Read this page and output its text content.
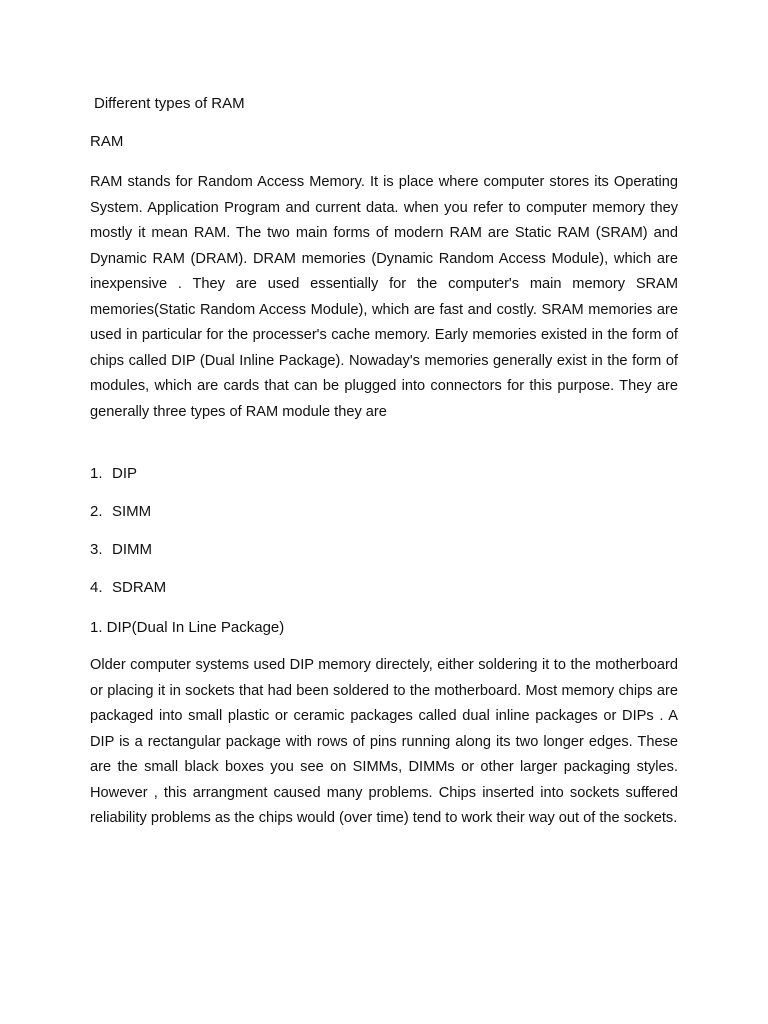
Different types of RAM
RAM

RAM stands for Random Access Memory. It is place where computer stores its Operating System. Application Program and current data. when you refer to computer memory they mostly it mean RAM. The two main forms of modern RAM are Static RAM (SRAM) and Dynamic RAM (DRAM). DRAM memories (Dynamic Random Access Module), which are inexpensive . They are used essentially for the computer's main memory SRAM memories(Static Random Access Module), which are fast and costly. SRAM memories are used in particular for the processer's cache memory. Early memories existed in the form of chips called DIP (Dual Inline Package). Nowaday's memories generally exist in the form of modules, which are cards that can be plugged into connectors for this purpose. They are generally three types of RAM module they are

1. DIP
2. SIMM
3. DIMM
4. SDRAM
1. DIP(Dual In Line Package)

Older computer systems used DIP memory directely, either soldering it to the motherboard or placing it in sockets that had been soldered to the motherboard. Most memory chips are packaged into small plastic or ceramic packages called dual inline packages or DIPs . A DIP is a rectangular package with rows of pins running along its two longer edges. These are the small black boxes you see on SIMMs, DIMMs or other larger packaging styles. However , this arrangment caused many problems. Chips inserted into sockets suffered reliability problems as the chips would (over time) tend to work their way out of the sockets.
